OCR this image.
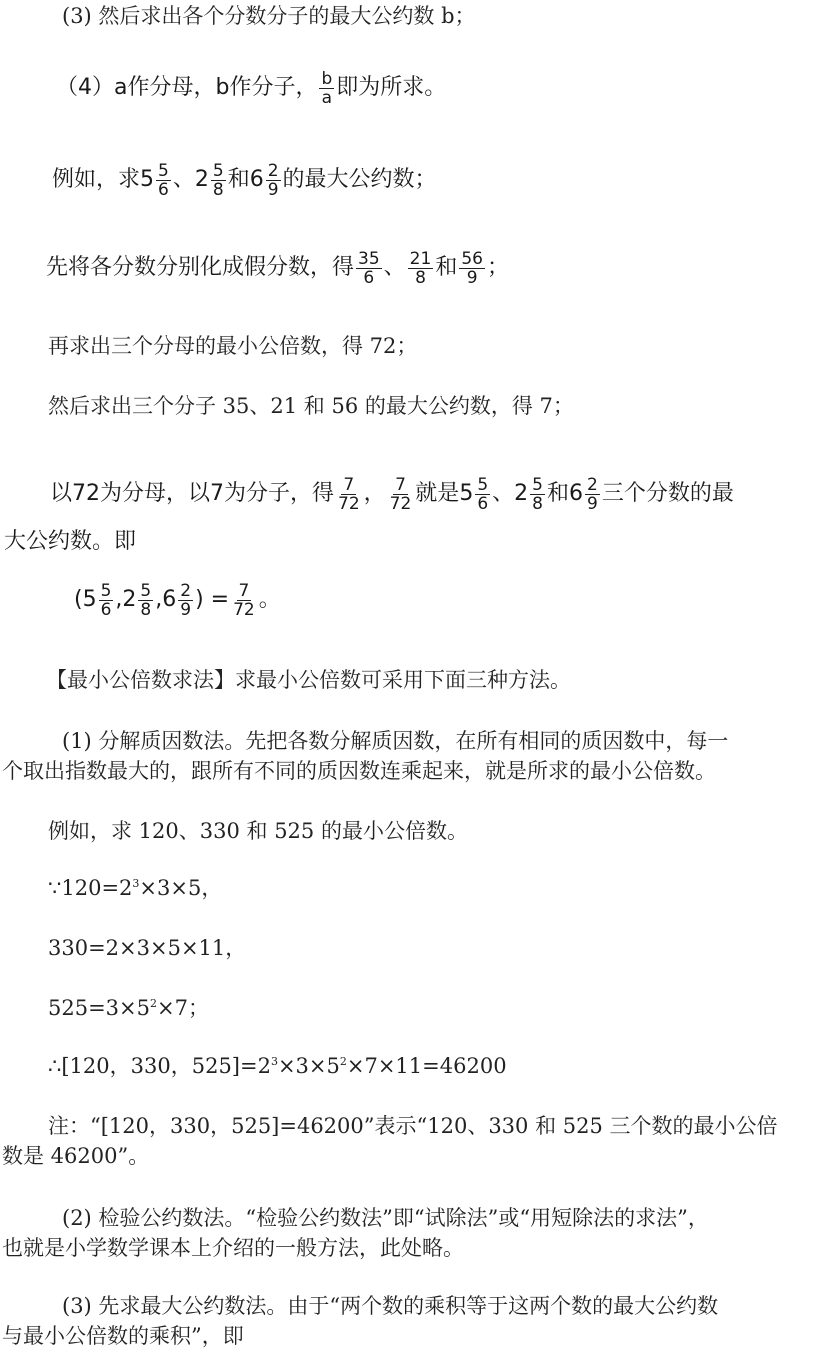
(3) 然后求出各个分数分子的最大公约数 b；
（4）a作分母，b作分子， $\frac{b}{a}$ 即为所求。
例如，求 $5 \frac{5}{6}$ 、 $2 \frac{5}{8}$ 和 $6 \frac{2}{9}$ 的最大公约数；
先将各分数分别化成假分数，得 $\frac{35}{6}$ 、 $\frac{21}{8}$ 和 $\frac{56}{9}$ ；
再求出三个分母的最小公倍数，得 72；
然后求出三个分子 35、21 和 56 的最大公约数，得 7；
以72为分母，以7为分子，得 $\frac{7}{72}$ ， $\frac{7}{72}$ 就是 $5 \frac{5}{6}$ 、 $2 \frac{5}{8}$ 和 $6 \frac{2}{9}$ 三个分数的最
大公约数。即
($5 \frac{5}{6} ,2 \frac{5}{8} ,6 \frac{2}{9}$ ) = $\frac{7}{72}$ 。
【最小公倍数求法】求最小公倍数可采用下面三种方法。
(1) 分解质因数法。先把各数分解质因数，在所有相同的质因数中，每一
个取出指数最大的，跟所有不同的质因数连乘起来，就是所求的最小公倍数。
例如，求 120、330 和 525 的最小公倍数。
$\because 120=2^3\times 3\times 5$，
330=2×3×5×11，
$525=3\times 5^2\times 7$；
∴[120，330，$525]=2^3\times 3\times 5^2\times 7\times 11=46200$
注：“[120，330，525]=46200”表示“120、330 和 525 三个数的最小公倍
数是 46200”。
(2) 检验公约数法。“检验公约数法”即“试除法”或“用短除法的求法”，
也就是小学数学课本上介绍的一般方法，此处略。
(3) 先求最大公约数法。由于“两个数的乘积等于这两个数的最大公约数
与最小公倍数的乘积”，即
